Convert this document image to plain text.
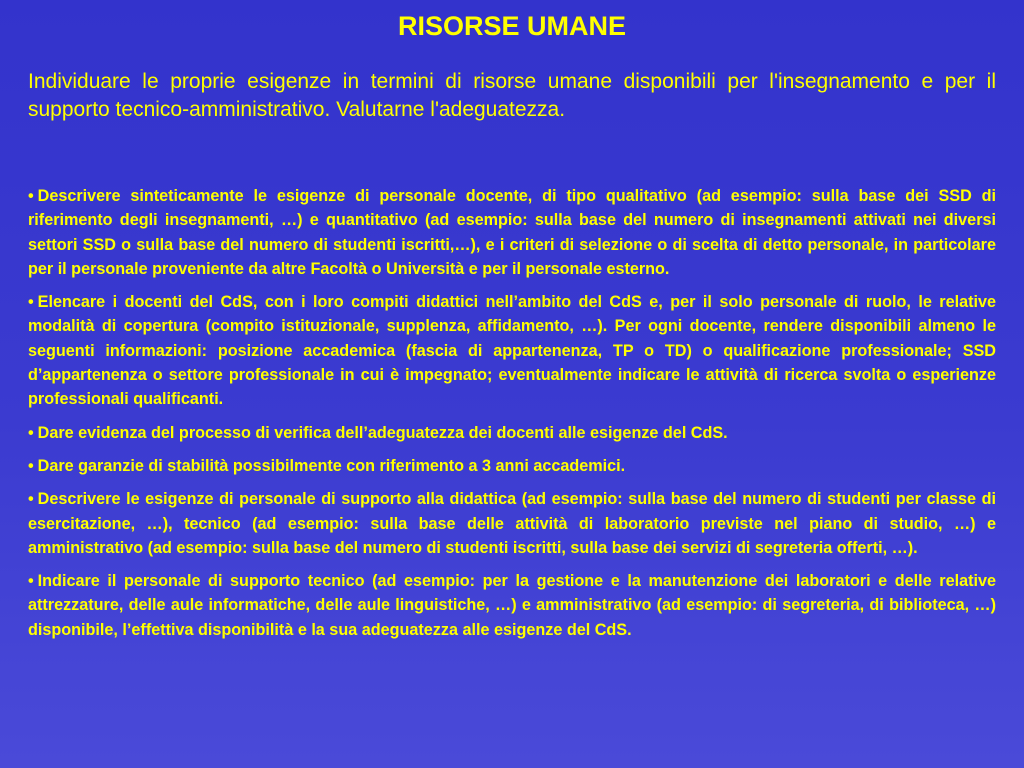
RISORSE UMANE

Individuare le proprie esigenze in termini di risorse umane disponibili per l'insegnamento e per il supporto tecnico-amministrativo. Valutarne l'adeguatezza.

• Descrivere sinteticamente le esigenze di personale docente, di tipo qualitativo (ad esempio: sulla base dei SSD di riferimento degli insegnamenti, …) e quantitativo (ad esempio: sulla base del numero di insegnamenti attivati nei diversi settori SSD o sulla base del numero di studenti iscritti,…), e i criteri di selezione o di scelta di detto personale, in particolare per il personale proveniente da altre Facoltà o Università e per il personale esterno.
• Elencare i docenti del CdS, con i loro compiti didattici nell’ambito del CdS e, per il solo personale di ruolo, le relative modalità di copertura (compito istituzionale, supplenza, affidamento, …). Per ogni docente, rendere disponibili almeno le seguenti informazioni: posizione accademica (fascia di appartenenza, TP o TD) o qualificazione professionale; SSD d’appartenenza o settore professionale in cui è impegnato; eventualmente indicare le attività di ricerca svolta o esperienze professionali qualificanti.
• Dare evidenza del processo di verifica dell’adeguatezza dei docenti alle esigenze del CdS.
• Dare garanzie di stabilità possibilmente con riferimento a 3 anni accademici.
• Descrivere le esigenze di personale di supporto alla didattica (ad esempio: sulla base del numero di studenti per classe di esercitazione, …), tecnico (ad esempio: sulla base delle attività di laboratorio previste nel piano di studio, …) e amministrativo (ad esempio: sulla base del numero di studenti iscritti, sulla base dei servizi di segreteria offerti, …).
• Indicare il personale di supporto tecnico (ad esempio: per la gestione e la manutenzione dei laboratori e delle relative attrezzature, delle aule informatiche, delle aule linguistiche, …) e amministrativo (ad esempio: di segreteria, di biblioteca, …) disponibile, l’effettiva disponibilità e la sua adeguatezza alle esigenze del CdS.
